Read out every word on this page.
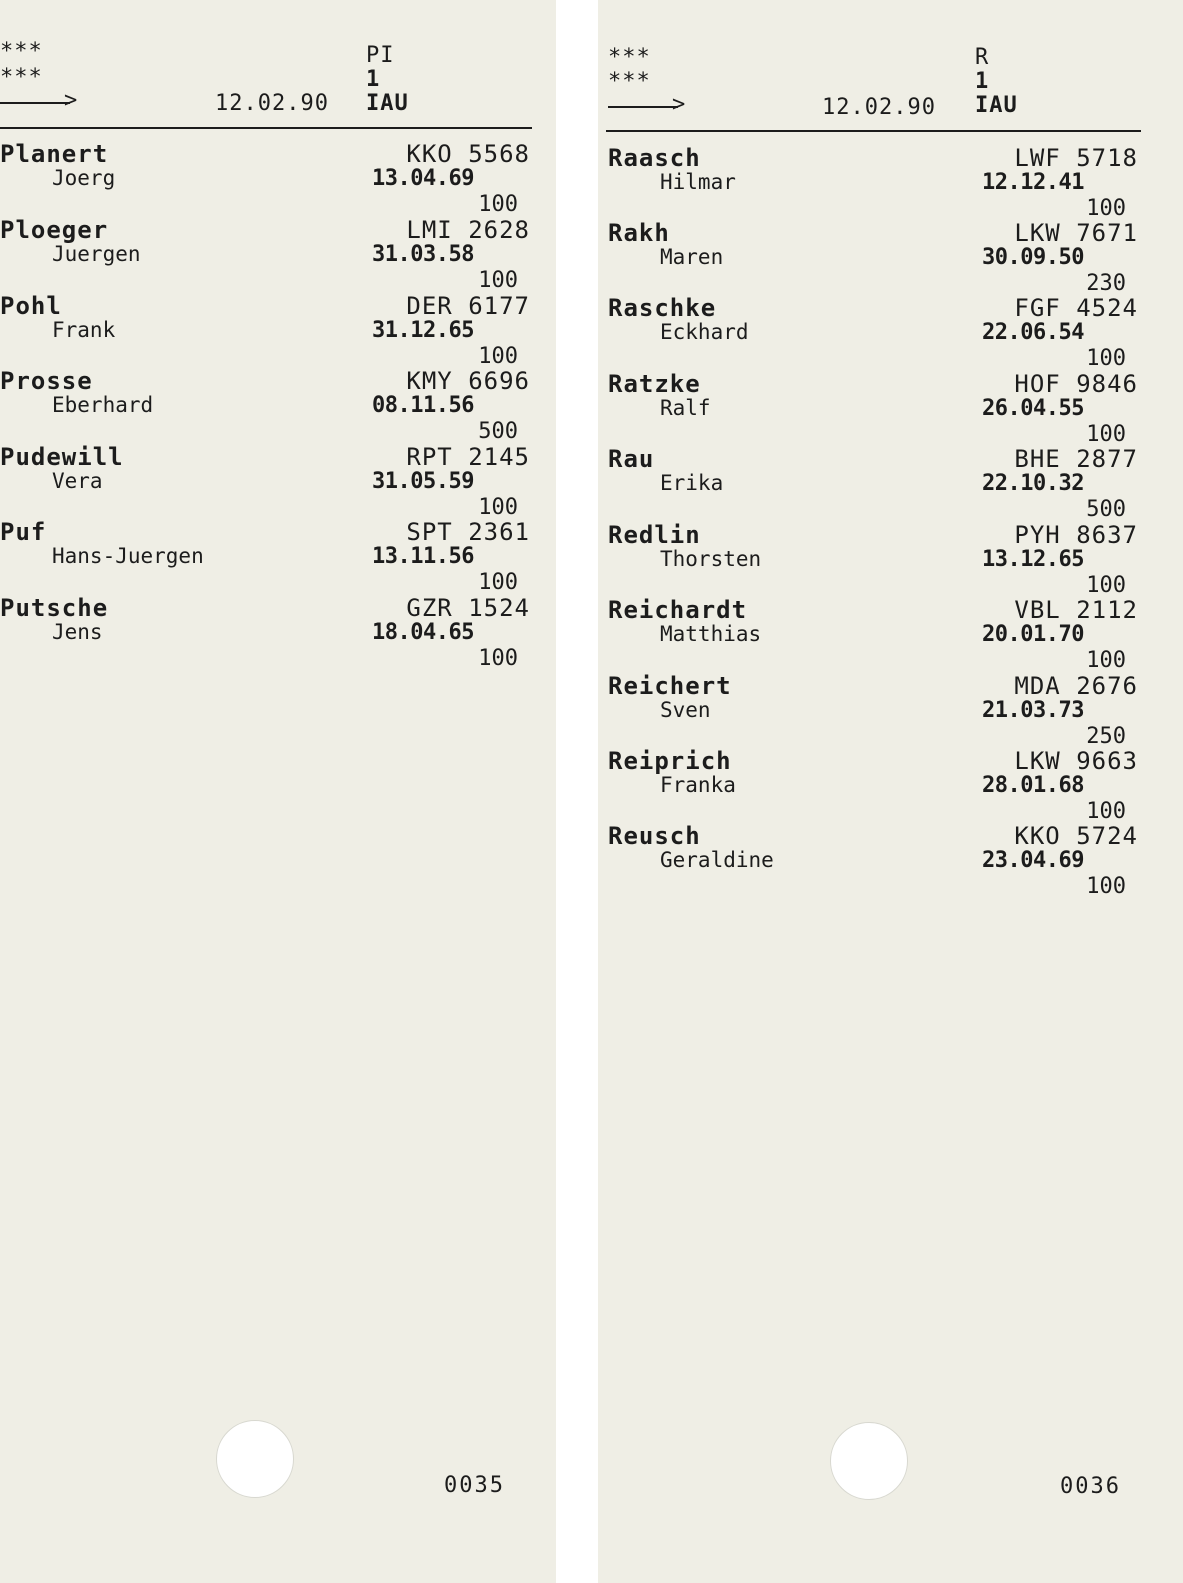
***
***
>	12.02.90
PI
1
IAU
Planert
Joerg
KKO 5568
13.04.69
100
Ploeger
Juergen
LMI 2628
31.03.58
100
Pohl
Frank
DER 6177
31.12.65
100
Prosse
Eberhard
KMY 6696
08.11.56
500
Pudewill
Vera
RPT 2145
31.05.59
100
Puf
Hans-Juergen
SPT 2361
13.11.56
100
Putsche
Jens
GZR 1524
18.04.65
100
0035
***
***
>	12.02.90
R
1
IAU
Raasch
Hilmar
LWF 5718
12.12.41
100
Rakh
Maren
LKW 7671
30.09.50
230
Raschke
Eckhard
FGF 4524
22.06.54
100
Ratzke
Ralf
HOF 9846
26.04.55
100
Rau
Erika
BHE 2877
22.10.32
500
Redlin
Thorsten
PYH 8637
13.12.65
100
Reichardt
Matthias
VBL 2112
20.01.70
100
Reichert
Sven
MDA 2676
21.03.73
250
Reiprich
Franka
LKW 9663
28.01.68
100
Reusch
Geraldine
KKO 5724
23.04.69
100
0036
